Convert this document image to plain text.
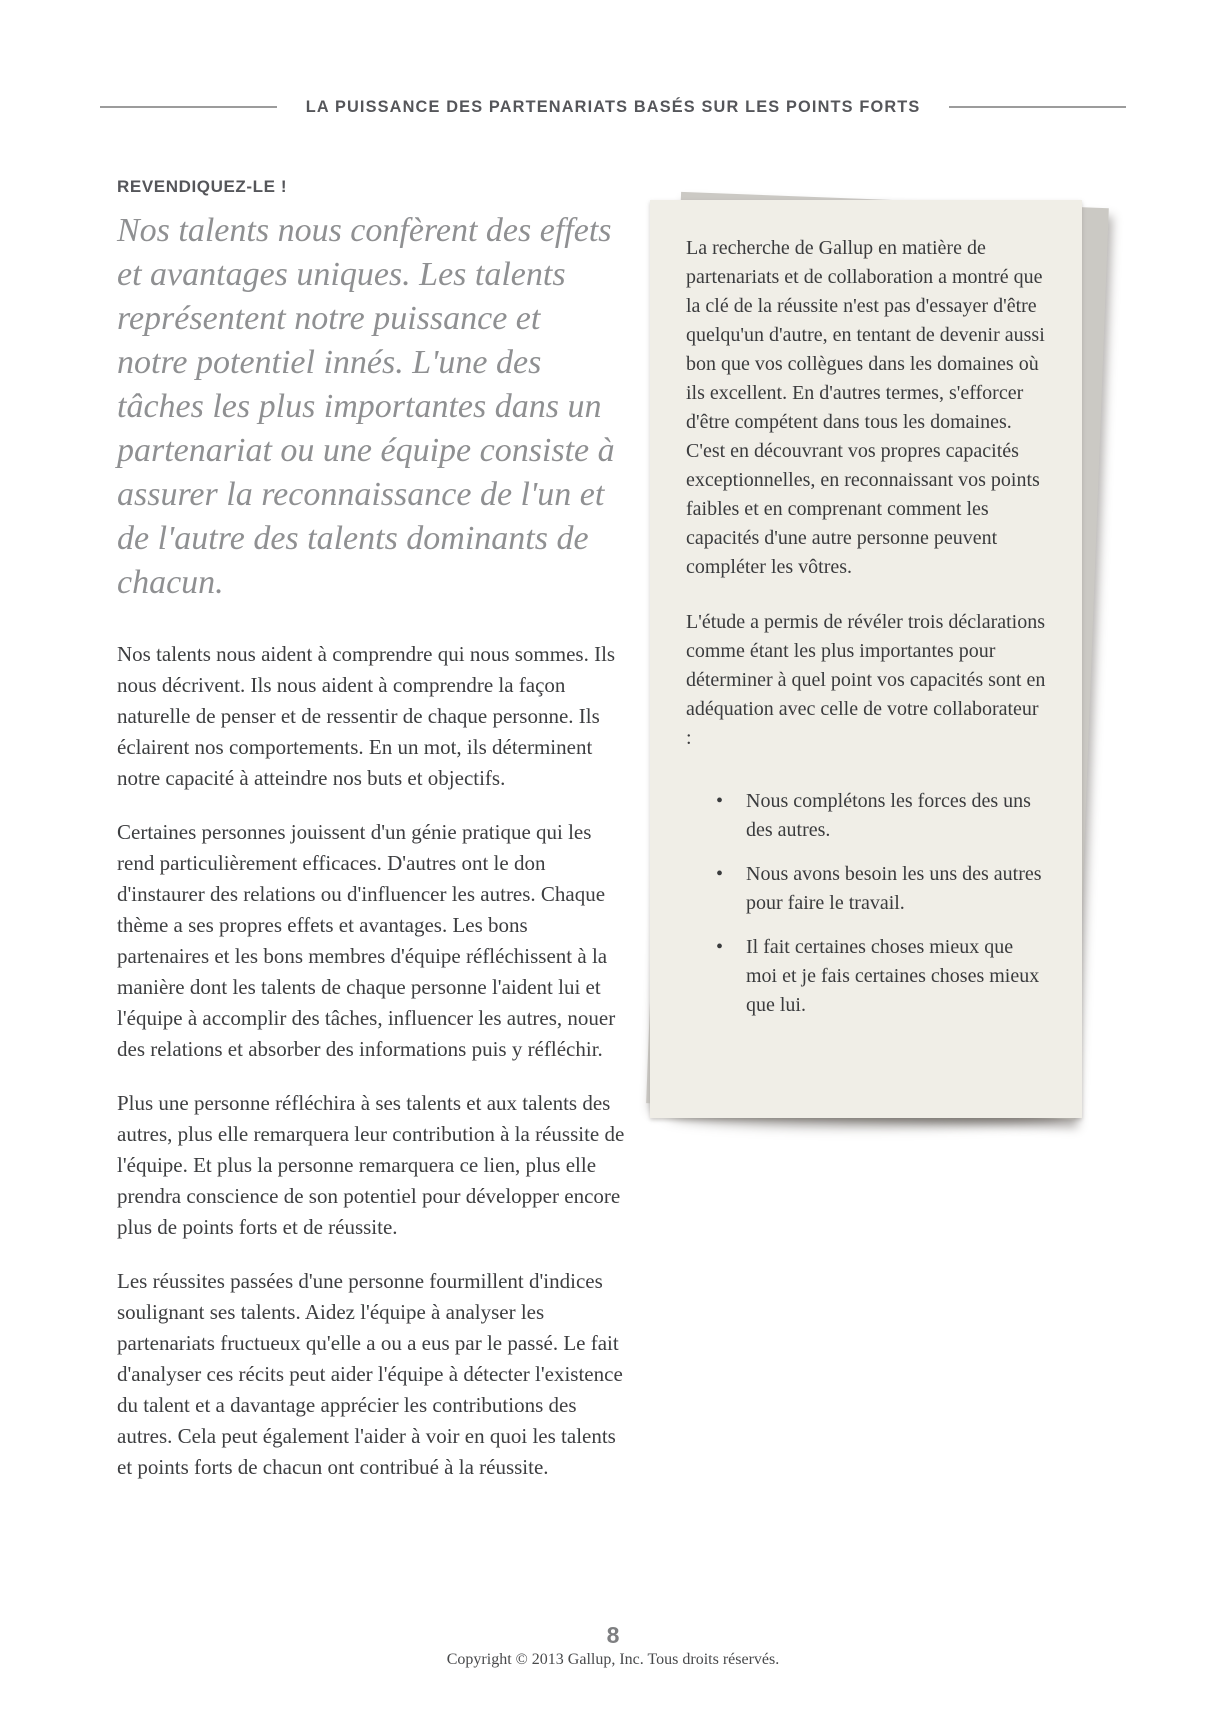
LA PUISSANCE DES PARTENARIATS BASÉS SUR LES POINTS FORTS
REVENDIQUEZ-LE !

Nos talents nous confèrent des effets et avantages uniques. Les talents représentent notre puissance et notre potentiel innés. L'une des tâches les plus importantes dans un partenariat ou une équipe consiste à assurer la reconnaissance de l'un et de l'autre des talents dominants de chacun.

Nos talents nous aident à comprendre qui nous sommes. Ils nous décrivent. Ils nous aident à comprendre la façon naturelle de penser et de ressentir de chaque personne. Ils éclairent nos comportements. En un mot, ils déterminent notre capacité à atteindre nos buts et objectifs.

Certaines personnes jouissent d'un génie pratique qui les rend particulièrement efficaces. D'autres ont le don d'instaurer des relations ou d'influencer les autres. Chaque thème a ses propres effets et avantages. Les bons partenaires et les bons membres d'équipe réfléchissent à la manière dont les talents de chaque personne l'aident lui et l'équipe à accomplir des tâches, influencer les autres, nouer des relations et absorber des informations puis y réfléchir.

Plus une personne réfléchira à ses talents et aux talents des autres, plus elle remarquera leur contribution à la réussite de l'équipe. Et plus la personne remarquera ce lien, plus elle prendra conscience de son potentiel pour développer encore plus de points forts et de réussite.

Les réussites passées d'une personne fourmillent d'indices soulignant ses talents. Aidez l'équipe à analyser les partenariats fructueux qu'elle a ou a eus par le passé. Le fait d'analyser ces récits peut aider l'équipe à détecter l'existence du talent et a davantage apprécier les contributions des autres. Cela peut également l'aider à voir en quoi les talents et points forts de chacun ont contribué à la réussite.

La recherche de Gallup en matière de partenariats et de collaboration a montré que la clé de la réussite n'est pas d'essayer d'être quelqu'un d'autre, en tentant de devenir aussi bon que vos collègues dans les domaines où ils excellent. En d'autres termes, s'efforcer d'être compétent dans tous les domaines. C'est en découvrant vos propres capacités exceptionnelles, en reconnaissant vos points faibles et en comprenant comment les capacités d'une autre personne peuvent compléter les vôtres.

L'étude a permis de révéler trois déclarations comme étant les plus importantes pour déterminer à quel point vos capacités sont en adéquation avec celle de votre collaborateur :

•	Nous complétons les forces des uns des autres.
•	Nous avons besoin les uns des autres pour faire le travail.
•	Il fait certaines choses mieux que moi et je fais certaines choses mieux que lui.

8

Copyright © 2013 Gallup, Inc. Tous droits réservés.
